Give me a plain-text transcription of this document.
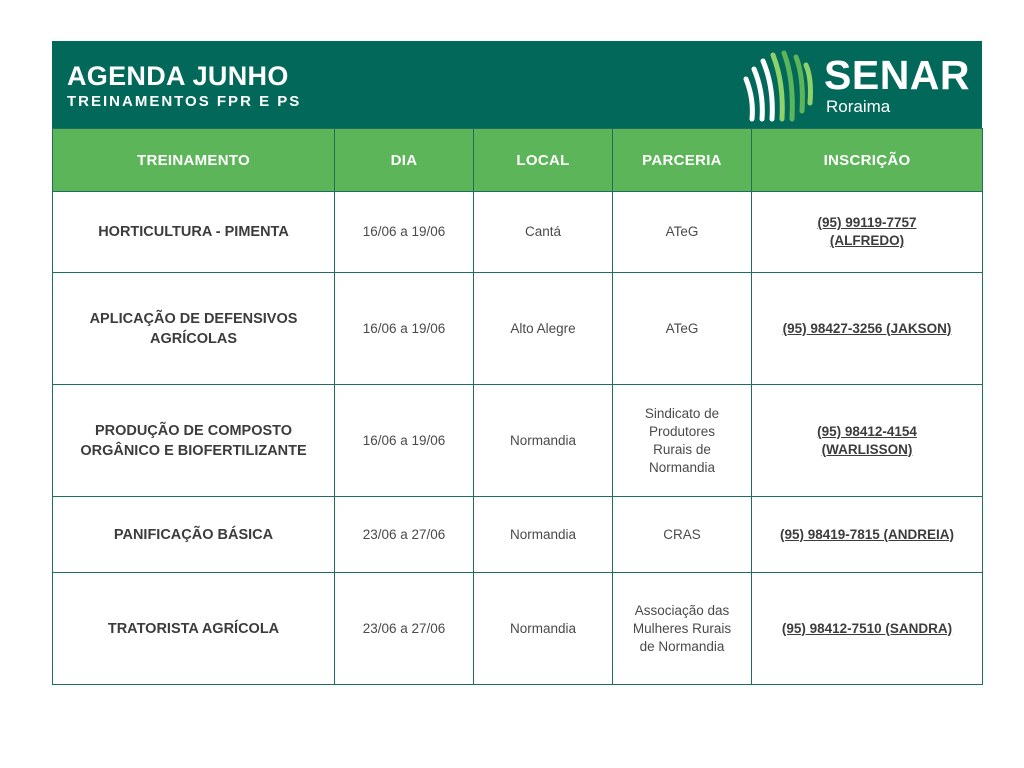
AGENDA JUNHO
TREINAMENTOS FPR E PS
SENAR
Roraima
TREINAMENTO	DIA	LOCAL	PARCERIA	INSCRIÇÃO
HORTICULTURA - PIMENTA	16/06 a 19/06	Cantá	ATeG	(95) 99119-7757 (ALFREDO)
APLICAÇÃO DE DEFENSIVOS AGRÍCOLAS	16/06 a 19/06	Alto Alegre	ATeG	(95) 98427-3256 (JAKSON)
PRODUÇÃO DE COMPOSTO ORGÂNICO E BIOFERTILIZANTE	16/06 a 19/06	Normandia	Sindicato de Produtores Rurais de Normandia	(95) 98412-4154 (WARLISSON)
PANIFICAÇÃO BÁSICA	23/06 a 27/06	Normandia	CRAS	(95) 98419-7815 (ANDREIA)
TRATORISTA AGRÍCOLA	23/06 a 27/06	Normandia	Associação das Mulheres Rurais de Normandia	(95) 98412-7510 (SANDRA)
